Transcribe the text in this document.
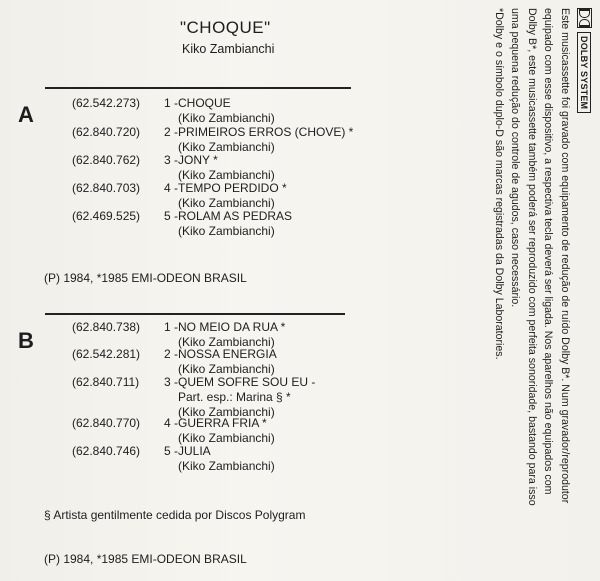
"CHOQUE"
Kiko Zambianchi
A	(62.542.273) 1 - CHOQUE
(Kiko Zambianchi)
(62.840.720) 2 - PRIMEIROS ERROS (CHOVE) *
(Kiko Zambianchi)
(62.840.762) 3 - JONY *
(Kiko Zambianchi)
(62.840.703) 4 - TEMPO PERDIDO *
(Kiko Zambianchi)
(62.469.525) 5 - ROLAM AS PEDRAS
(Kiko Zambianchi)
(P) 1984, *1985 EMI-ODEON BRASIL
B
(62.840.738) 1 - NO MEIO DA RUA *
(Kiko Zambianchi)
(62.542.281) 2 - NOSSA ENERGIA
(Kiko Zambianchi)
(62.840.711) 3 - QUEM SOFRE SOU EU -
Part. esp.: Marina § *
(Kiko Zambianchi)
(62.840.770) 4 - GUERRA FRIA *
(Kiko Zambianchi)
(62.840.746) 5 - JULIA
(Kiko Zambianchi)
§ Artista gentilmente cedida por Discos Polygram
(P) 1984, *1985 EMI-ODEON BRASIL
DOLBY SYSTEM

Este musicassette foi gravado com equipamento de redução de ruído Dolby B*. Num gravador/reprodutor

equipado com esse dispositivo, a respectiva tecla deverá ser ligada. Nos aparelhos não equipados com

Dolby B*, este musicassette também poderá ser reproduzido com perfeita sonoridade, bastando para isso

uma pequena redução do controle de agudos, caso necessário.

*Dolby e o símbolo duplo-D são marcas registradas da Dolby Laboratories.
